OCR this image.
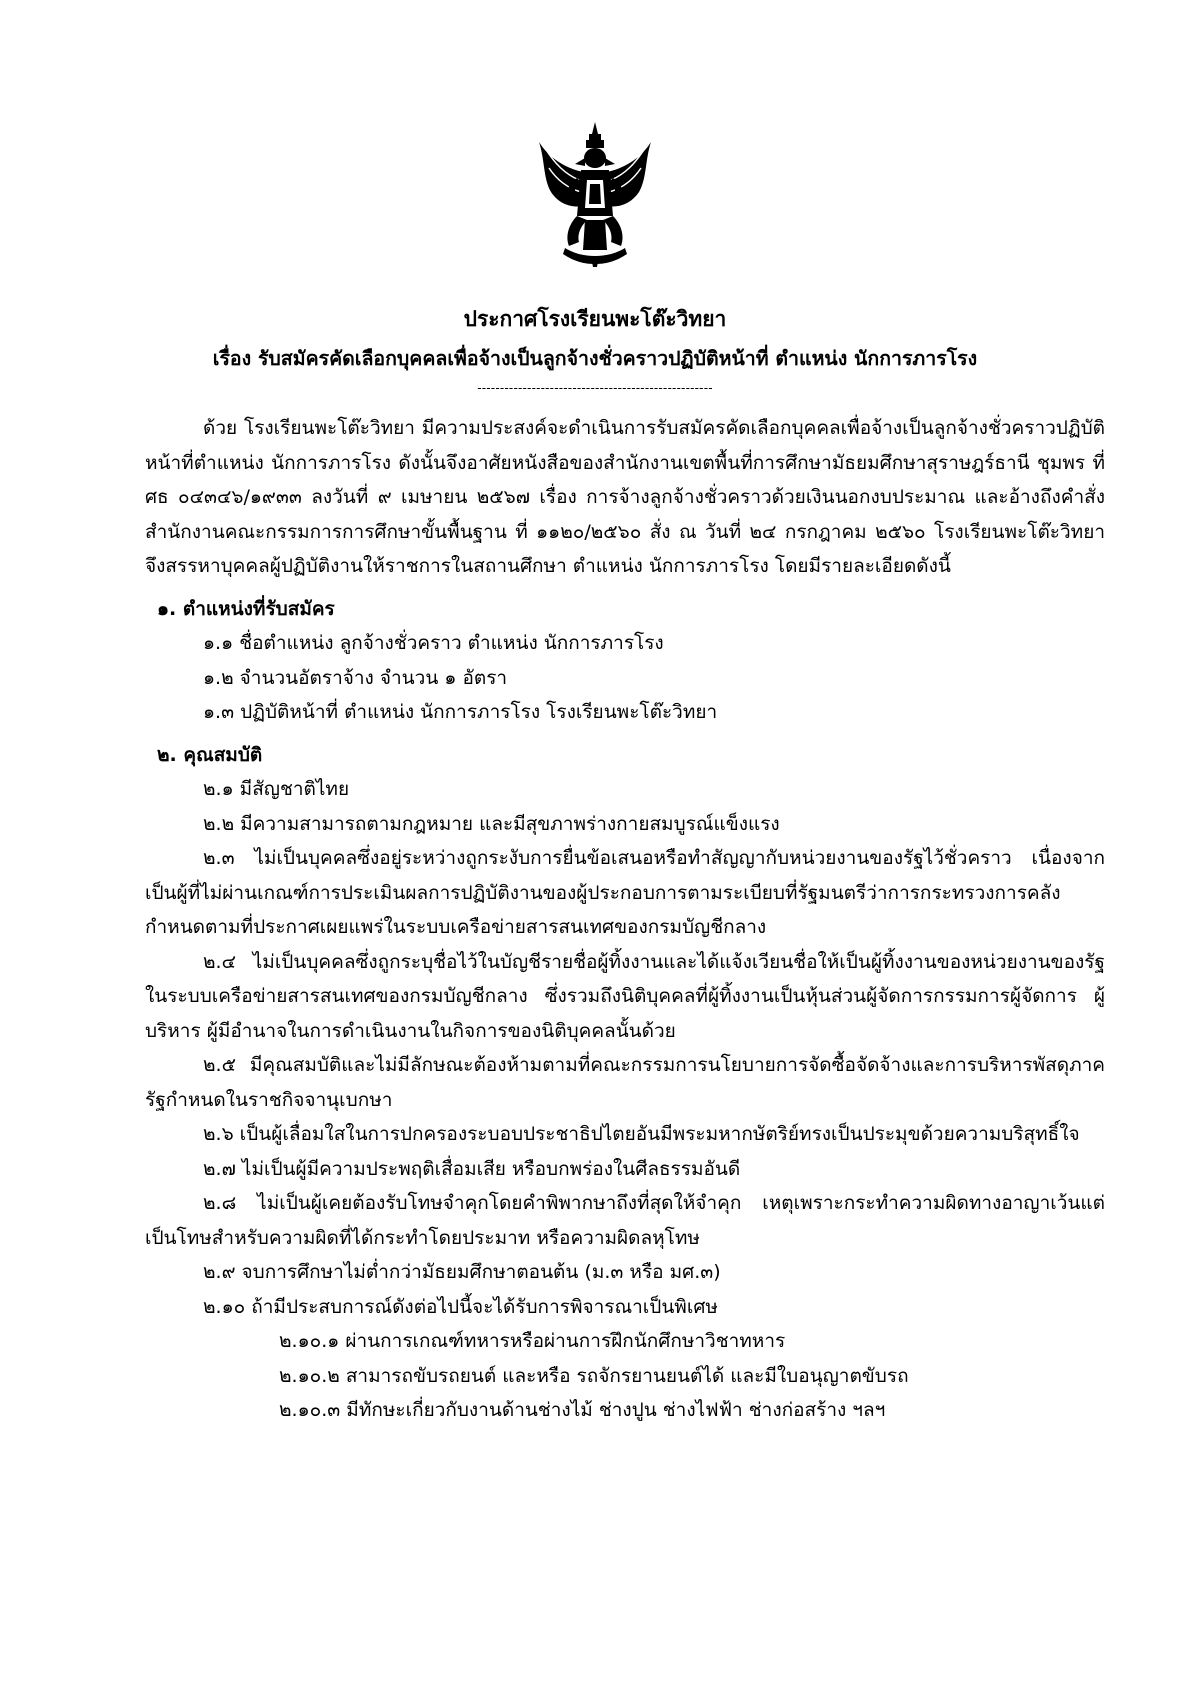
ประกาศโรงเรียนพะโต๊ะวิทยา
เรื่อง รับสมัครคัดเลือกบุคคลเพื่อจ้างเป็นลูกจ้างชั่วคราวปฏิบัติหน้าที่ ตำแหน่ง นักการภารโรง
----------------------------------------------------

ด้วย โรงเรียนพะโต๊ะวิทยา มีความประสงค์จะดำเนินการรับสมัครคัดเลือกบุคคลเพื่อจ้างเป็นลูกจ้างชั่วคราวปฏิบัติหน้าที่ตำแหน่ง นักการภารโรง ดังนั้นจึงอาศัยหนังสือของสำนักงานเขตพื้นที่การศึกษามัธยมศึกษาสุราษฎร์ธานี ชุมพร ที่ ศธ ๐๔๓๔๖/๑๙๓๓ ลงวันที่ ๙ เมษายน ๒๕๖๗ เรื่อง การจ้างลูกจ้างชั่วคราวด้วยเงินนอกงบประมาณ และอ้างถึงคำสั่งสำนักงานคณะกรรมการการศึกษาขั้นพื้นฐาน ที่ ๑๑๒๐/๒๕๖๐ สั่ง ณ วันที่ ๒๔ กรกฎาคม ๒๕๖๐ โรงเรียนพะโต๊ะวิทยา จึงสรรหาบุคคลผู้ปฏิบัติงานให้ราชการในสถานศึกษา ตำแหน่ง นักการภารโรง โดยมีรายละเอียดดังนี้

๑. ตำแหน่งที่รับสมัคร

๑.๑ ชื่อตำแหน่ง ลูกจ้างชั่วคราว ตำแหน่ง นักการภารโรง

๑.๒ จำนวนอัตราจ้าง จำนวน ๑ อัตรา

๑.๓ ปฏิบัติหน้าที่ ตำแหน่ง นักการภารโรง โรงเรียนพะโต๊ะวิทยา

๒. คุณสมบัติ

๒.๑ มีสัญชาติไทย

๒.๒ มีความสามารถตามกฎหมาย และมีสุขภาพร่างกายสมบูรณ์แข็งแรง

๒.๓ ไม่เป็นบุคคลซึ่งอยู่ระหว่างถูกระงับการยื่นข้อเสนอหรือทำสัญญากับหน่วยงานของรัฐไว้ชั่วคราว เนื่องจากเป็นผู้ที่ไม่ผ่านเกณฑ์การประเมินผลการปฏิบัติงานของผู้ประกอบการตามระเบียบที่รัฐมนตรีว่าการกระทรวงการคลังกำหนดตามที่ประกาศเผยแพร่ในระบบเครือข่ายสารสนเทศของกรมบัญชีกลาง

๒.๔ ไม่เป็นบุคคลซึ่งถูกระบุชื่อไว้ในบัญชีรายชื่อผู้ทิ้งงานและได้แจ้งเวียนชื่อให้เป็นผู้ทิ้งงานของหน่วยงานของรัฐในระบบเครือข่ายสารสนเทศของกรมบัญชีกลาง ซึ่งรวมถึงนิติบุคคลที่ผู้ทิ้งงานเป็นหุ้นส่วนผู้จัดการกรรมการผู้จัดการ ผู้บริหาร ผู้มีอำนาจในการดำเนินงานในกิจการของนิติบุคคลนั้นด้วย

๒.๕ มีคุณสมบัติและไม่มีลักษณะต้องห้ามตามที่คณะกรรมการนโยบายการจัดซื้อจัดจ้างและการบริหารพัสดุภาครัฐกำหนดในราชกิจจานุเบกษา

๒.๖ เป็นผู้เลื่อมใสในการปกครองระบอบประชาธิปไตยอันมีพระมหากษัตริย์ทรงเป็นประมุขด้วยความบริสุทธิ์ใจ

๒.๗ ไม่เป็นผู้มีความประพฤติเสื่อมเสีย หรือบกพร่องในศีลธรรมอันดี

๒.๘ ไม่เป็นผู้เคยต้องรับโทษจำคุกโดยคำพิพากษาถึงที่สุดให้จำคุก เหตุเพราะกระทำความผิดทางอาญาเว้นแต่เป็นโทษสำหรับความผิดที่ได้กระทำโดยประมาท หรือความผิดลหุโทษ

๒.๙ จบการศึกษาไม่ต่ำกว่ามัธยมศึกษาตอนต้น (ม.๓ หรือ มศ.๓)

๒.๑๐ ถ้ามีประสบการณ์ดังต่อไปนี้จะได้รับการพิจารณาเป็นพิเศษ

๒.๑๐.๑ ผ่านการเกณฑ์ทหารหรือผ่านการฝึกนักศึกษาวิชาทหาร

๒.๑๐.๒ สามารถขับรถยนต์ และหรือ รถจักรยานยนต์ได้ และมีใบอนุญาตขับรถ

๒.๑๐.๓ มีทักษะเกี่ยวกับงานด้านช่างไม้ ช่างปูน ช่างไฟฟ้า ช่างก่อสร้าง ฯลฯ
